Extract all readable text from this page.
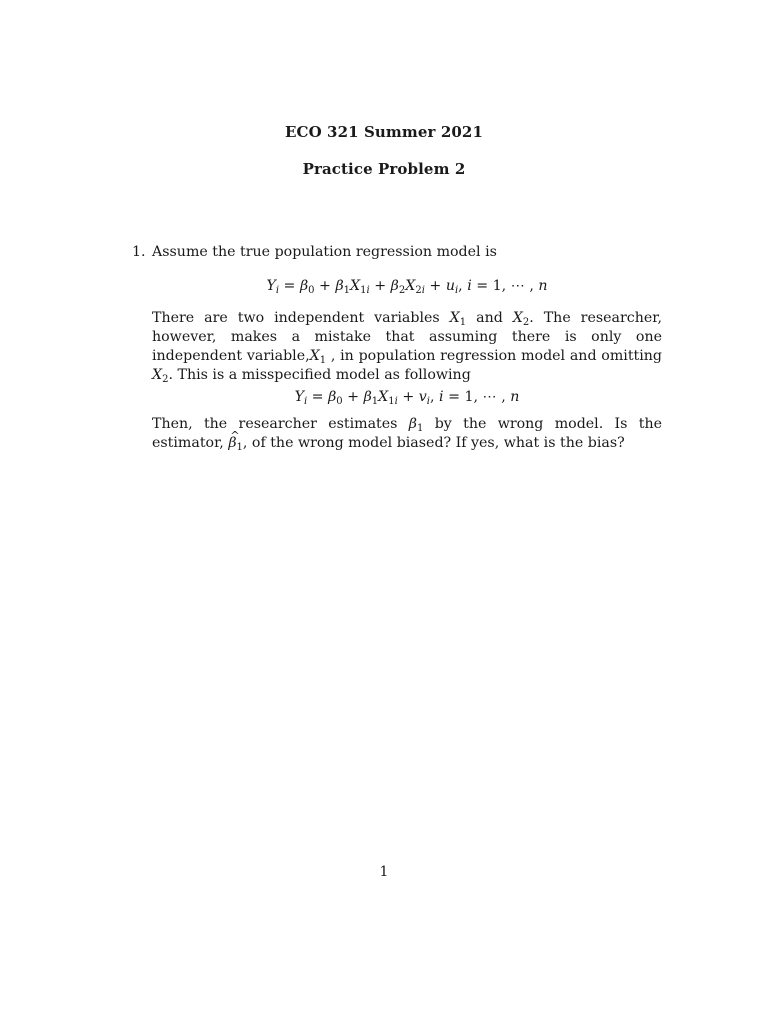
ECO 321 Summer 2021
Practice Problem 2
1. Assume the true population regression model is

$Y_i = \beta_0 + \beta_1X_{1i} + \beta_2X_{2i} + u_i$, i = 1, ⋯ , n

There are two independent variables $X_1$ and $X_2$. The researcher, however, makes a mistake that assuming there is only one independent $variable,X_1$ , in population regression model and omitting $X_2$. This is a misspecified model as following

$Y_i = \beta_0 + \beta_1X_{1i} + v_i$, i = 1, ⋯ , n

Then, the researcher estimates $\beta_1$ by the wrong model. Is the estimator, ^ $\beta_1$, of the wrong model biased? If yes, what is the bias?

1
